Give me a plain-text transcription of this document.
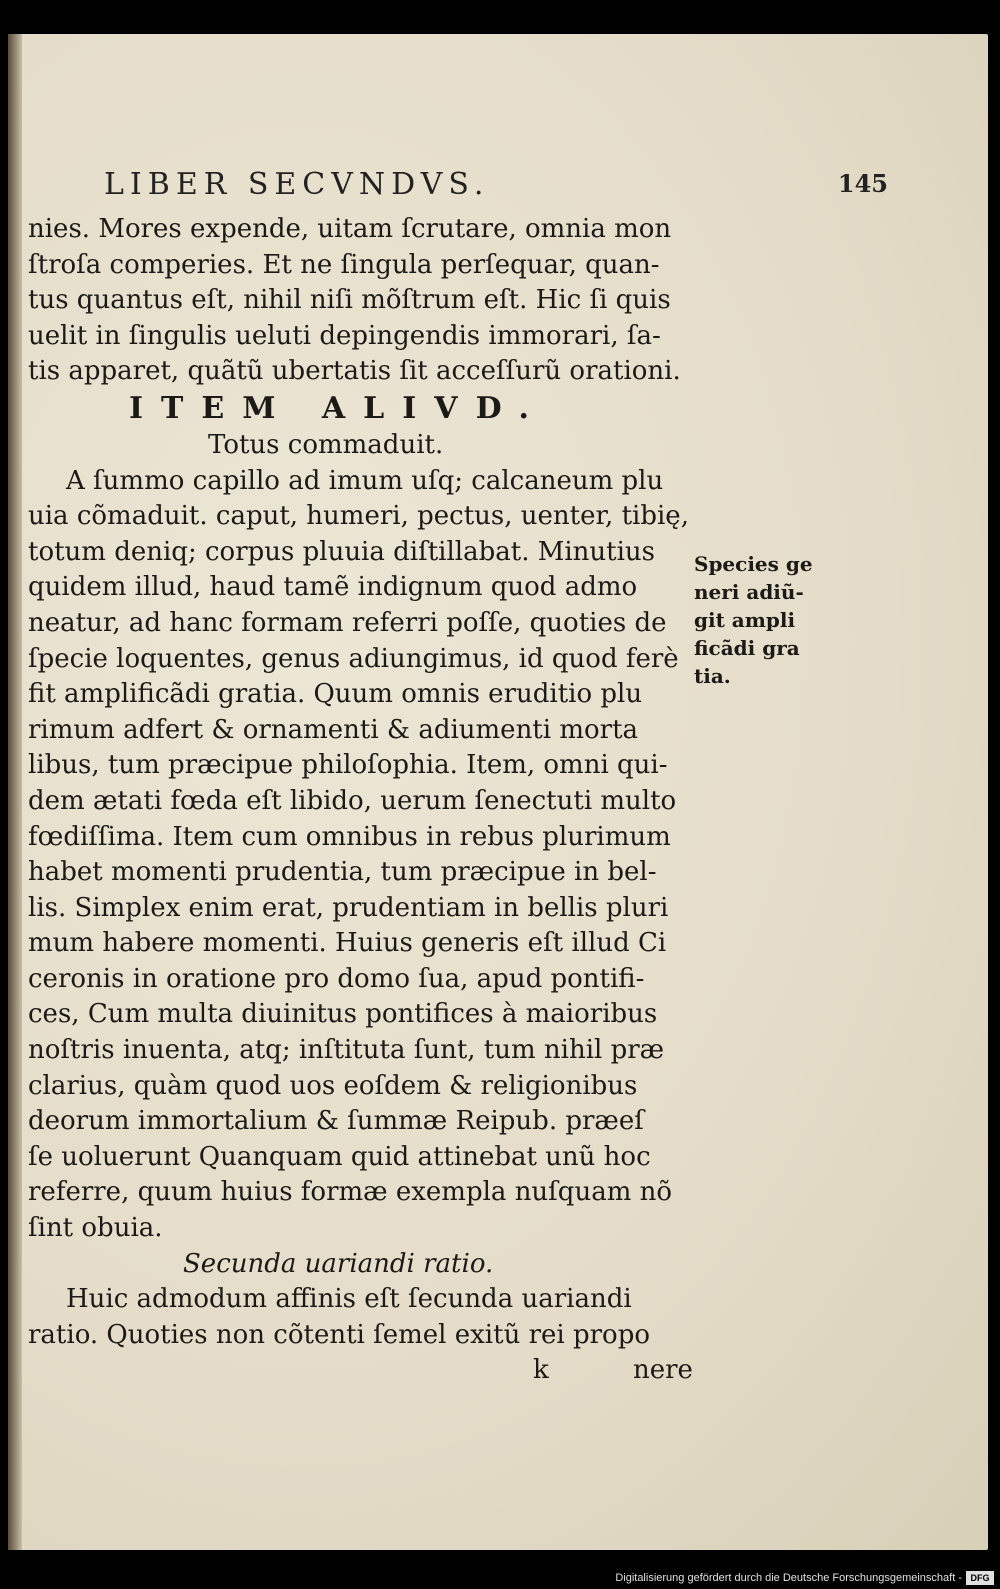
LIBER SECVNDVS.	145
nies. Mores expende, uitam ſcrutare, omnia mon
ſtroſa comperies. Et ne ſingula perſequar, quan-
tus quantus eſt, nihil niſi mõſtrum eſt. Hic ſi quis
uelit in ſingulis ueluti depingendis immorari, ſa-
tis apparet, quãtũ ubertatis ſit acceſſurũ orationi.
ITEM ALIVD.
Totus commaduit.
A ſummo capillo ad imum uſq; calcaneum plu
uia cõmaduit. caput, humeri, pectus, uenter, tibię,
totum deniq; corpus pluuia diſtillabat. Minutius
quidem illud, haud tamẽ indignum quod admo
neatur, ad hanc formam referri poſſe, quoties de
ſpecie loquentes, genus adiungimus, id quod ferè
fit amplificãdi gratia. Quum omnis eruditio plu
rimum adfert & ornamenti & adiumenti morta
libus, tum præcipue philoſophia. Item, omni qui-
dem ætati fœda eſt libido, uerum ſenectuti multo
fœdiſſima. Item cum omnibus in rebus plurimum
habet momenti prudentia, tum præcipue in bel-
lis. Simplex enim erat, prudentiam in bellis pluri
mum habere momenti. Huius generis eſt illud Ci
ceronis in oratione pro domo ſua, apud pontifi-
ces, Cum multa diuinitus pontifices à maioribus
noſtris inuenta, atq; inſtituta ſunt, tum nihil præ
clarius, quàm quod uos eoſdem & religionibus
deorum immortalium & ſummæ Reipub. præeſ
ſe uoluerunt Quanquam quid attinebat unũ hoc
referre, quum huius formæ exempla nuſquam nõ
ſint obuia.
Secunda uariandi ratio.
Huic admodum affinis eſt ſecunda uariandi
ratio. Quoties non cõtenti ſemel exitũ rei propo
k	nere
Species ge
neri adiũ-
git ampli
ficãdi gra
tia.
Digitalisierung gefördert durch die Deutsche Forschungsgemeinschaft - DFG
